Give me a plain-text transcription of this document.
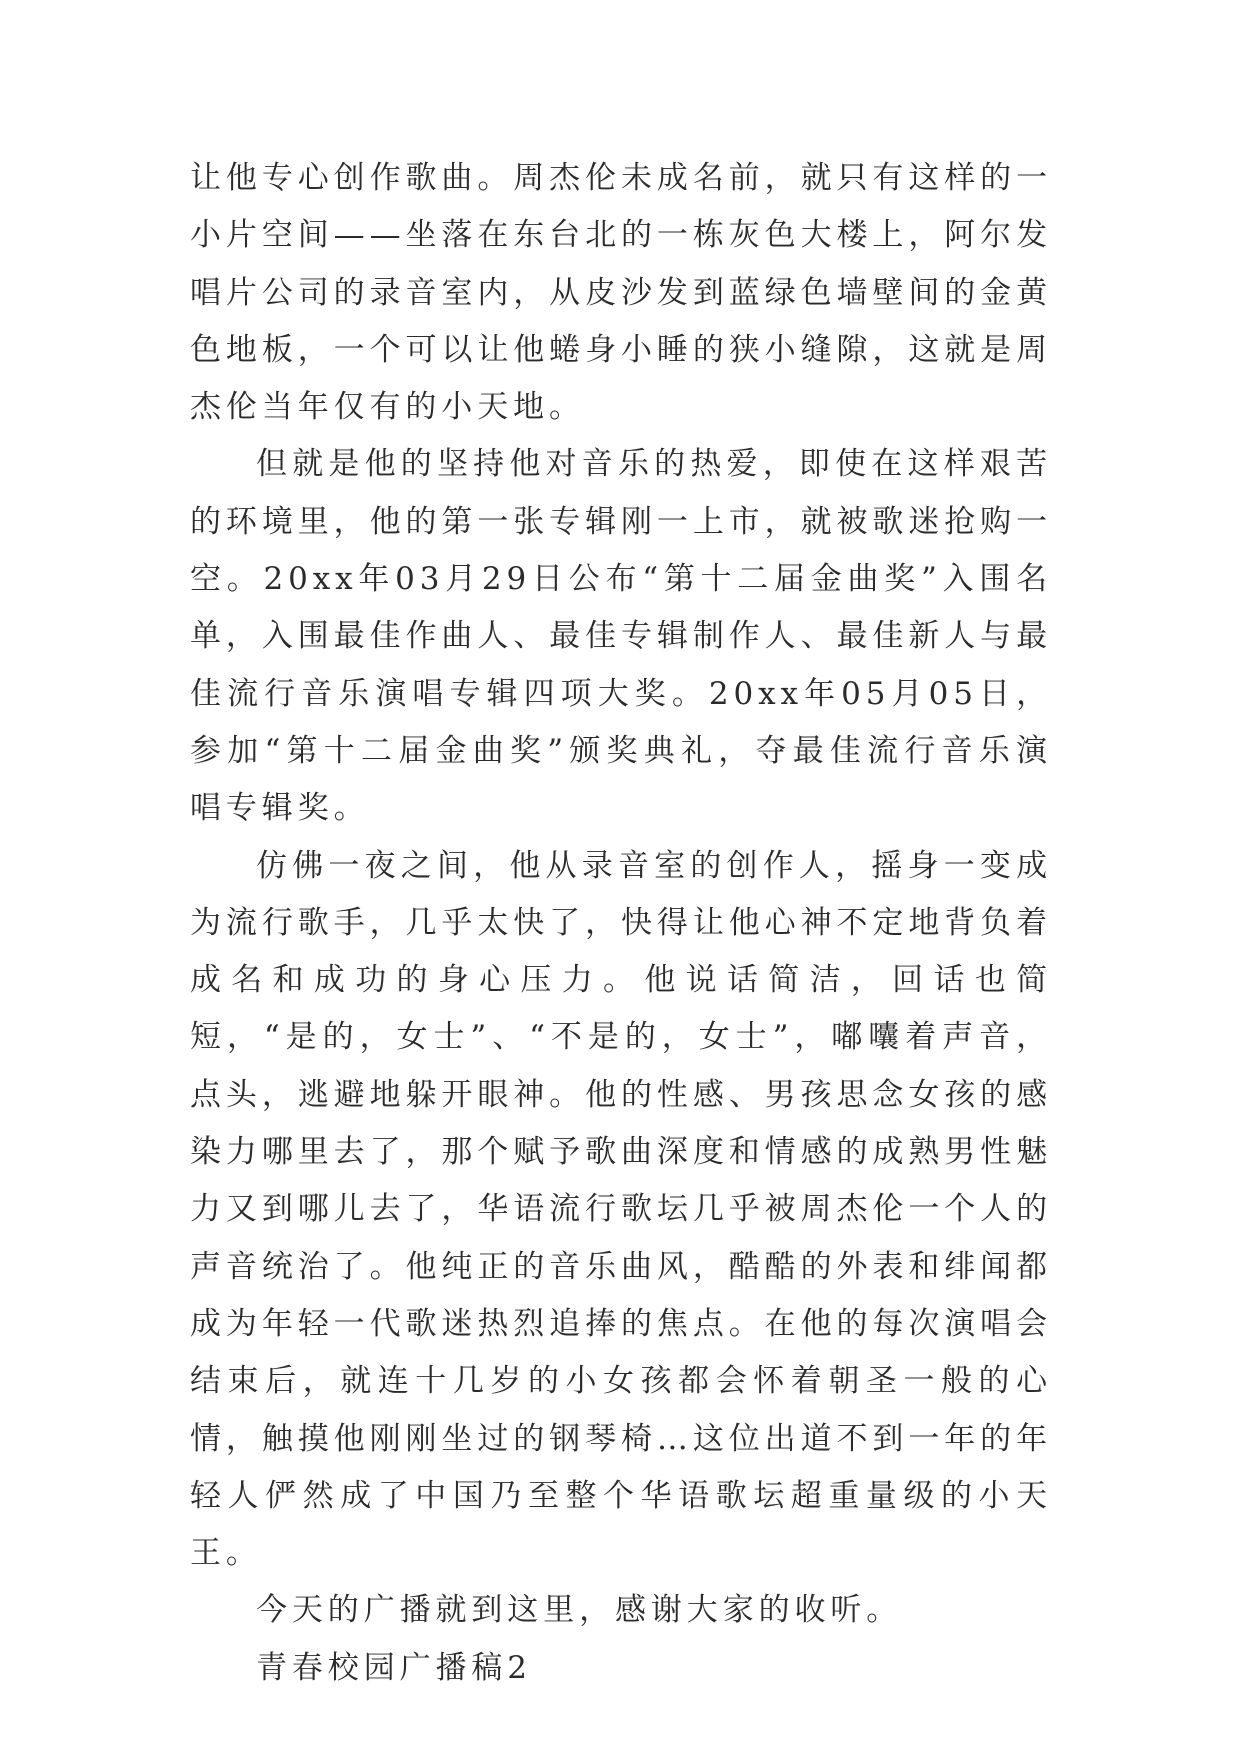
让他专心创作歌曲。周杰伦未成名前，就只有这样的一小片空间——坐落在东台北的一栋灰色大楼上，阿尔发唱片公司的录音室内，从皮沙发到蓝绿色墙壁间的金黄色地板，一个可以让他蜷身小睡的狭小缝隙，这就是周杰伦当年仅有的小天地。

但就是他的坚持他对音乐的热爱，即使在这样艰苦的环境里，他的第一张专辑刚一上市，就被歌迷抢购一空。20xx年03月29日公布“第十二届金曲奖”入围名单，入围最佳作曲人、最佳专辑制作人、最佳新人与最佳流行音乐演唱专辑四项大奖。20xx年05月05日，参加“第十二届金曲奖”颁奖典礼，夺最佳流行音乐演唱专辑奖。

仿佛一夜之间，他从录音室的创作人，摇身一变成为流行歌手，几乎太快了，快得让他心神不定地背负着成名和成功的身心压力。他说话简洁，回话也简短，“是的，女士”、“不是的，女士”，嘟囔着声音，点头，逃避地躲开眼神。他的性感、男孩思念女孩的感染力哪里去了，那个赋予歌曲深度和情感的成熟男性魅力又到哪儿去了，华语流行歌坛几乎被周杰伦一个人的声音统治了。他纯正的音乐曲风，酷酷的外表和绯闻都成为年轻一代歌迷热烈追捧的焦点。在他的每次演唱会结束后，就连十几岁的小女孩都会怀着朝圣一般的心情，触摸他刚刚坐过的钢琴椅…这位出道不到一年的年轻人俨然成了中国乃至整个华语歌坛超重量级的小天王。

今天的广播就到这里，感谢大家的收听。

青春校园广播稿2
